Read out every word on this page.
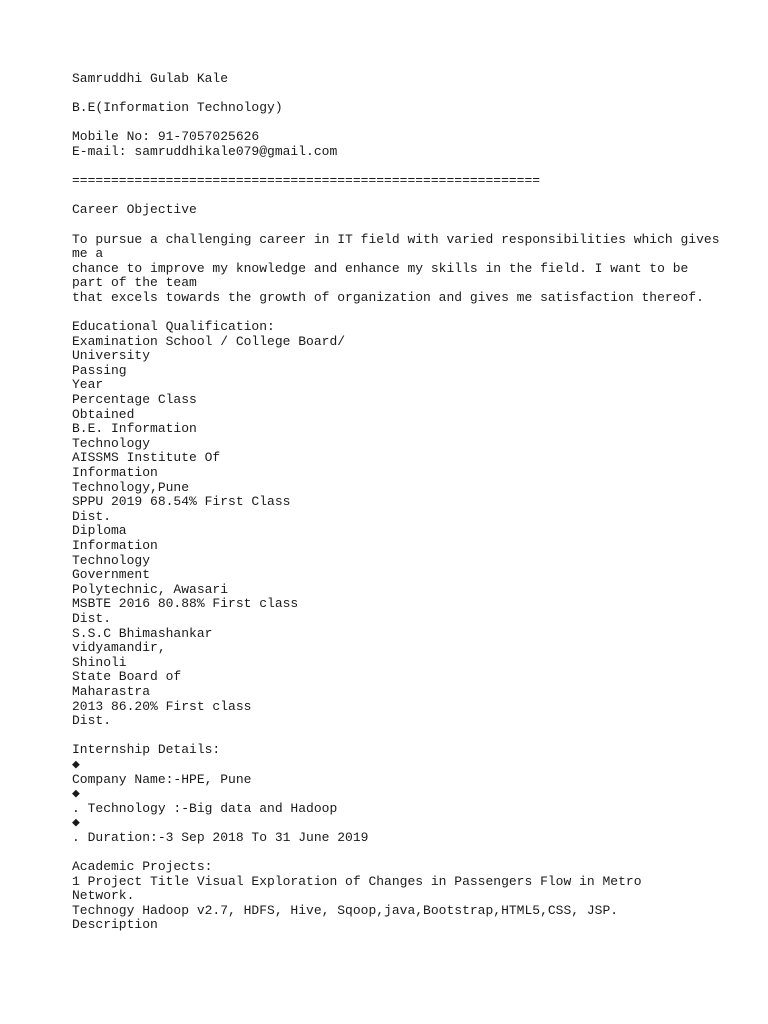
Samruddhi Gulab Kale
B.E(Information Technology)
Mobile No: 91-7057025626
E-mail: samruddhikale079@gmail.com
============================================================
Career Objective
To pursue a challenging career in IT field with varied responsibilities which gives
me a
chance to improve my knowledge and enhance my skills in the field. I want to be
part of the team
that excels towards the growth of organization and gives me satisfaction thereof.
Educational Qualification:
Examination School / College Board/
University
Passing
Year
Percentage Class
Obtained
B.E. Information
Technology
AISSMS Institute Of
Information
Technology,Pune
SPPU 2019 68.54% First Class
Dist.
Diploma
Information
Technology
Government
Polytechnic, Awasari
MSBTE 2016 80.88% First class
Dist.
S.S.C Bhimashankar
vidyamandir,
Shinoli
State Board of
Maharastra
2013 86.20% First class
Dist.
Internship Details:
◆
Company Name:-HPE, Pune
◆
. Technology :-Big data and Hadoop
◆
. Duration:-3 Sep 2018 To 31 June 2019
Academic Projects:
1 Project Title Visual Exploration of Changes in Passengers Flow in Metro
Network.
Technogy Hadoop v2.7, HDFS, Hive, Sqoop,java,Bootstrap,HTML5,CSS, JSP.
Description
